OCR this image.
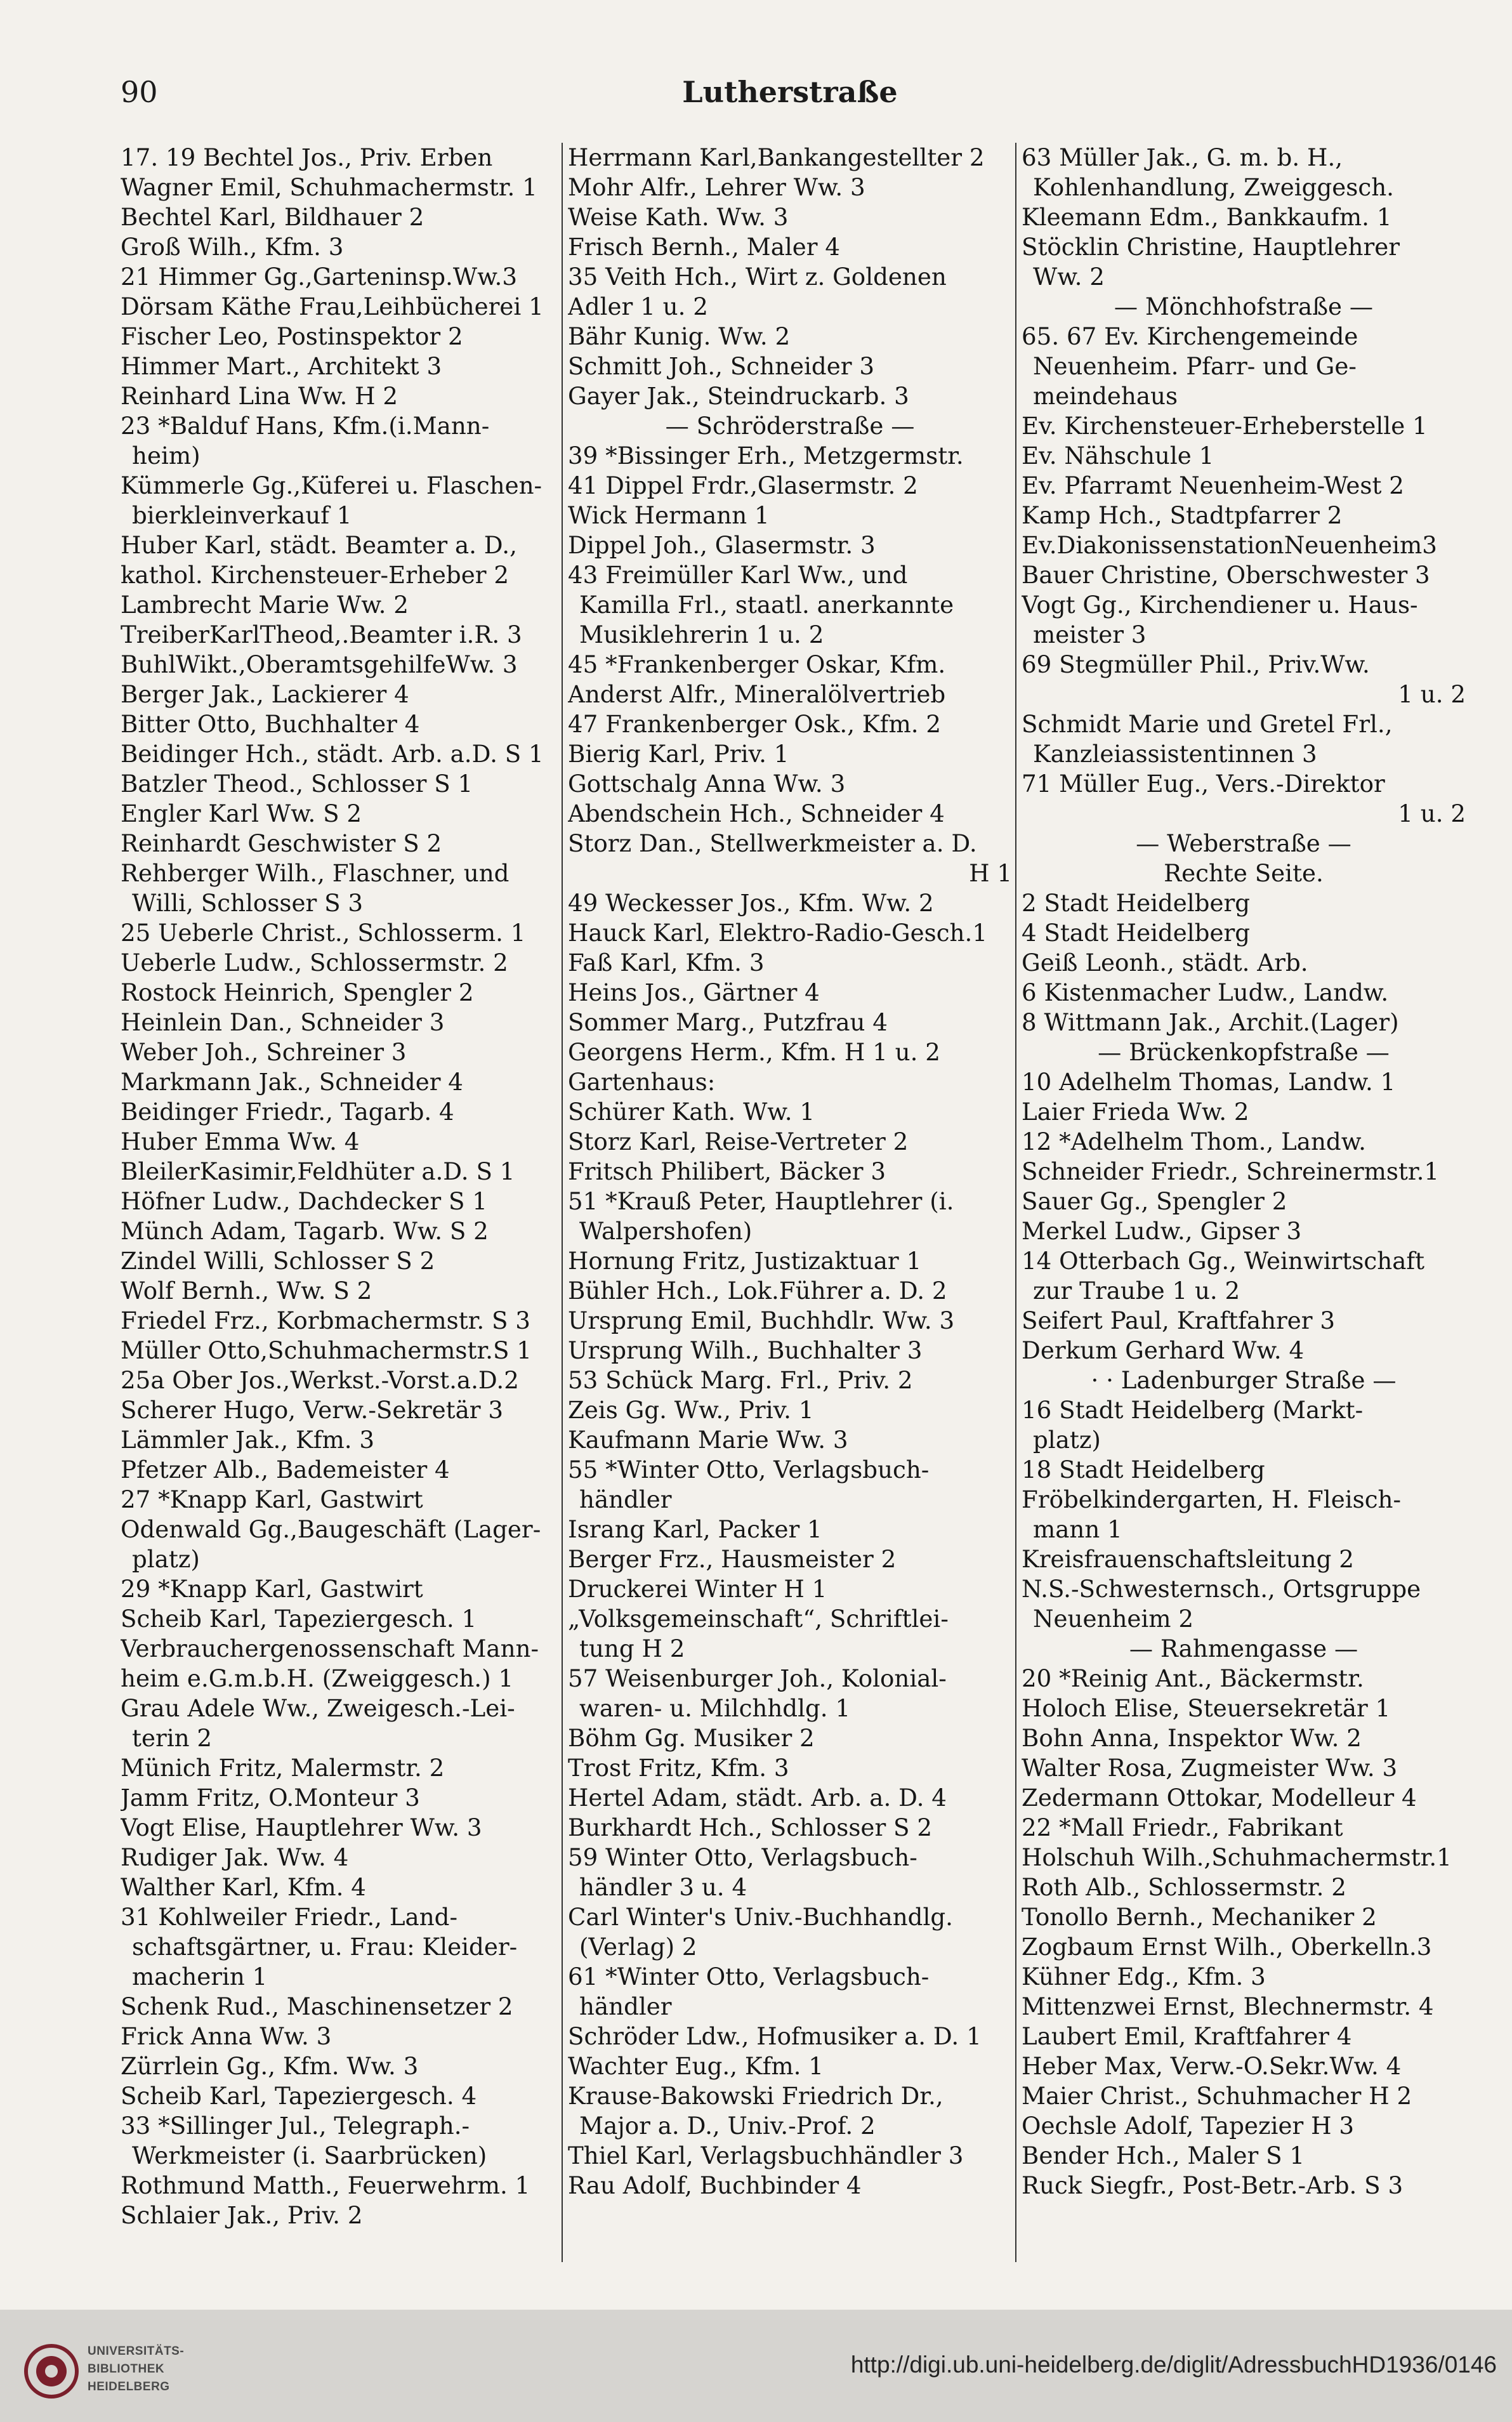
90	Lutherstraße
17. 19 Bechtel Jos., Priv. Erben
Wagner Emil, Schuhmachermstr. 1
Bechtel Karl, Bildhauer 2
Groß Wilh., Kfm. 3
21 Himmer Gg.,Garteninsp.Ww.3
Dörsam Käthe Frau,Leihbücherei 1
Fischer Leo, Postinspektor 2
Himmer Mart., Architekt 3
Reinhard Lina Ww. H 2
23 *Balduf Hans, Kfm.(i.Mann-
heim)
Kümmerle Gg.,Küferei u. Flaschen-
bierkleinverkauf 1
Huber Karl, städt. Beamter a. D.,
kathol. Kirchensteuer-Erheber 2
Lambrecht Marie Ww. 2
TreiberKarlTheod,.Beamter i.R. 3
BuhlWikt.,OberamtsgehilfeWw. 3
Berger Jak., Lackierer 4
Bitter Otto, Buchhalter 4
Beidinger Hch., städt. Arb. a.D. S 1
Batzler Theod., Schlosser S 1
Engler Karl Ww. S 2
Reinhardt Geschwister S 2
Rehberger Wilh., Flaschner, und
Willi, Schlosser S 3
25 Ueberle Christ., Schlosserm. 1
Ueberle Ludw., Schlossermstr. 2
Rostock Heinrich, Spengler 2
Heinlein Dan., Schneider 3
Weber Joh., Schreiner 3
Markmann Jak., Schneider 4
Beidinger Friedr., Tagarb. 4
Huber Emma Ww. 4
BleilerKasimir,Feldhüter a.D. S 1
Höfner Ludw., Dachdecker S 1
Münch Adam, Tagarb. Ww. S 2
Zindel Willi, Schlosser S 2
Wolf Bernh., Ww. S 2
Friedel Frz., Korbmachermstr. S 3
Müller Otto,Schuhmachermstr.S 1
25a Ober Jos.,Werkst.-Vorst.a.D.2
Scherer Hugo, Verw.-Sekretär 3
Lämmler Jak., Kfm. 3
Pfetzer Alb., Bademeister 4
27 *Knapp Karl, Gastwirt
Odenwald Gg.,Baugeschäft (Lager-
platz)
29 *Knapp Karl, Gastwirt
Scheib Karl, Tapeziergesch. 1
Verbrauchergenossenschaft Mann-
heim e.G.m.b.H. (Zweiggesch.) 1
Grau Adele Ww., Zweigesch.-Lei-
terin 2
Münich Fritz, Malermstr. 2
Jamm Fritz, O.Monteur 3
Vogt Elise, Hauptlehrer Ww. 3
Rudiger Jak. Ww. 4
Walther Karl, Kfm. 4
31 Kohlweiler Friedr., Land-
schaftsgärtner, u. Frau: Kleider-
macherin 1
Schenk Rud., Maschinensetzer 2
Frick Anna Ww. 3
Zürrlein Gg., Kfm. Ww. 3
Scheib Karl, Tapeziergesch. 4
33 *Sillinger Jul., Telegraph.-
Werkmeister (i. Saarbrücken)
Rothmund Matth., Feuerwehrm. 1
Schlaier Jak., Priv. 2
Herrmann Karl,Bankangestellter 2
Mohr Alfr., Lehrer Ww. 3
Weise Kath. Ww. 3
Frisch Bernh., Maler 4
35 Veith Hch., Wirt z. Goldenen
Adler 1 u. 2
Bähr Kunig. Ww. 2
Schmitt Joh., Schneider 3
Gayer Jak., Steindruckarb. 3
— Schröderstraße —
39 *Bissinger Erh., Metzgermstr.
41 Dippel Frdr.,Glasermstr. 2
Wick Hermann 1
Dippel Joh., Glasermstr. 3
43 Freimüller Karl Ww., und
Kamilla Frl., staatl. anerkannte
Musiklehrerin 1 u. 2
45 *Frankenberger Oskar, Kfm.
Anderst Alfr., Mineralölvertrieb
47 Frankenberger Osk., Kfm. 2
Bierig Karl, Priv. 1
Gottschalg Anna Ww. 3
Abendschein Hch., Schneider 4
Storz Dan., Stellwerkmeister a. D.
H 1
49 Weckesser Jos., Kfm. Ww. 2
Hauck Karl, Elektro-Radio-Gesch.1
Faß Karl, Kfm. 3
Heins Jos., Gärtner 4
Sommer Marg., Putzfrau 4
Georgens Herm., Kfm. H 1 u. 2
Gartenhaus:
Schürer Kath. Ww. 1
Storz Karl, Reise-Vertreter 2
Fritsch Philibert, Bäcker 3
51 *Krauß Peter, Hauptlehrer (i.
Walpershofen)
Hornung Fritz, Justizaktuar 1
Bühler Hch., Lok.Führer a. D. 2
Ursprung Emil, Buchhdlr. Ww. 3
Ursprung Wilh., Buchhalter 3
53 Schück Marg. Frl., Priv. 2
Zeis Gg. Ww., Priv. 1
Kaufmann Marie Ww. 3
55 *Winter Otto, Verlagsbuch-
händler
Israng Karl, Packer 1
Berger Frz., Hausmeister 2
Druckerei Winter H 1
„Volksgemeinschaft“, Schriftlei-
tung H 2
57 Weisenburger Joh., Kolonial-
waren- u. Milchhdlg. 1
Böhm Gg. Musiker 2
Trost Fritz, Kfm. 3
Hertel Adam, städt. Arb. a. D. 4
Burkhardt Hch., Schlosser S 2
59 Winter Otto, Verlagsbuch-
händler 3 u. 4
Carl Winter's Univ.-Buchhandlg.
(Verlag) 2
61 *Winter Otto, Verlagsbuch-
händler
Schröder Ldw., Hofmusiker a. D. 1
Wachter Eug., Kfm. 1
Krause-Bakowski Friedrich Dr.,
Major a. D., Univ.-Prof. 2
Thiel Karl, Verlagsbuchhändler 3
Rau Adolf, Buchbinder 4
63 Müller Jak., G. m. b. H.,
Kohlenhandlung, Zweiggesch.
Kleemann Edm., Bankkaufm. 1
Stöcklin Christine, Hauptlehrer
Ww. 2
— Mönchhofstraße —
65. 67 Ev. Kirchengemeinde
Neuenheim. Pfarr- und Ge-
meindehaus
Ev. Kirchensteuer-Erheberstelle 1
Ev. Nähschule 1
Ev. Pfarramt Neuenheim-West 2
Kamp Hch., Stadtpfarrer 2
Ev.DiakonissenstationNeuenheim3
Bauer Christine, Oberschwester 3
Vogt Gg., Kirchendiener u. Haus-
meister 3
69 Stegmüller Phil., Priv.Ww.
1 u. 2
Schmidt Marie und Gretel Frl.,
Kanzleiassistentinnen 3
71 Müller Eug., Vers.-Direktor
1 u. 2
— Weberstraße —
Rechte Seite.
2 Stadt Heidelberg
4 Stadt Heidelberg
Geiß Leonh., städt. Arb.
6 Kistenmacher Ludw., Landw.
8 Wittmann Jak., Archit.(Lager)
— Brückenkopfstraße —
10 Adelhelm Thomas, Landw. 1
Laier Frieda Ww. 2
12 *Adelhelm Thom., Landw.
Schneider Friedr., Schreinermstr.1
Sauer Gg., Spengler 2
Merkel Ludw., Gipser 3
14 Otterbach Gg., Weinwirtschaft
zur Traube 1 u. 2
Seifert Paul, Kraftfahrer 3
Derkum Gerhard Ww. 4
· · Ladenburger Straße —
16 Stadt Heidelberg (Markt-
platz)
18 Stadt Heidelberg
Fröbelkindergarten, H. Fleisch-
mann 1
Kreisfrauenschaftsleitung 2
N.S.-Schwesternsch., Ortsgruppe
Neuenheim 2
— Rahmengasse —
20 *Reinig Ant., Bäckermstr.
Holoch Elise, Steuersekretär 1
Bohn Anna, Inspektor Ww. 2
Walter Rosa, Zugmeister Ww. 3
Zedermann Ottokar, Modelleur 4
22 *Mall Friedr., Fabrikant
Holschuh Wilh.,Schuhmachermstr.1
Roth Alb., Schlossermstr. 2
Tonollo Bernh., Mechaniker 2
Zogbaum Ernst Wilh., Oberkelln.3
Kühner Edg., Kfm. 3
Mittenzwei Ernst, Blechnermstr. 4
Laubert Emil, Kraftfahrer 4
Heber Max, Verw.-O.Sekr.Ww. 4
Maier Christ., Schuhmacher H 2
Oechsle Adolf, Tapezier H 3
Bender Hch., Maler S 1
Ruck Siegfr., Post-Betr.-Arb. S 3
UNIVERSITÄTS-
BIBLIOTHEK
HEIDELBERG
http://digi.ub.uni-heidelberg.de/diglit/AdressbuchHD1936/0146
